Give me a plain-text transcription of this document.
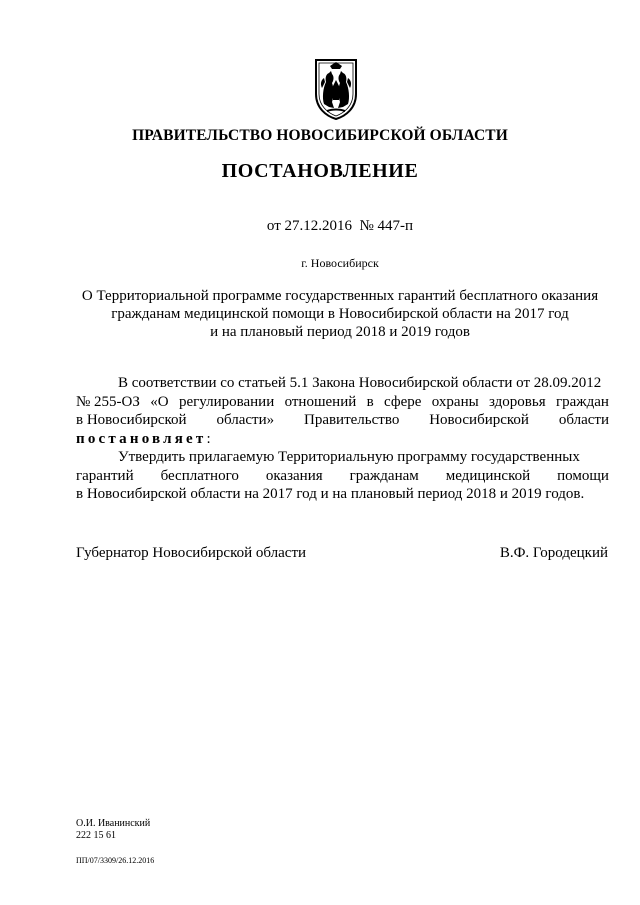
ПРАВИТЕЛЬСТВО НОВОСИБИРСКОЙ ОБЛАСТИ
ПОСТАНОВЛЕНИЕ
от 27.12.2016  № 447-п
г. Новосибирск
О Территориальной программе государственных гарантий бесплатного оказания
гражданам медицинской помощи в Новосибирской области на 2017 год
и на плановый период 2018 и 2019 годов
В соответствии со статьей 5.1 Закона Новосибирской области от 28.09.2012
№ 255-ОЗ «О регулировании отношений в сфере охраны здоровья граждан
в Новосибирской области» Правительство Новосибирской области
постановляет:
Утвердить прилагаемую Территориальную программу государственных
гарантий бесплатного оказания гражданам медицинской помощи
в Новосибирской области на 2017 год и на плановый период 2018 и 2019 годов.
Губернатор Новосибирской области	В.Ф. Городецкий
О.И. Иванинский
222 15 61
ПП/07/3309/26.12.2016
